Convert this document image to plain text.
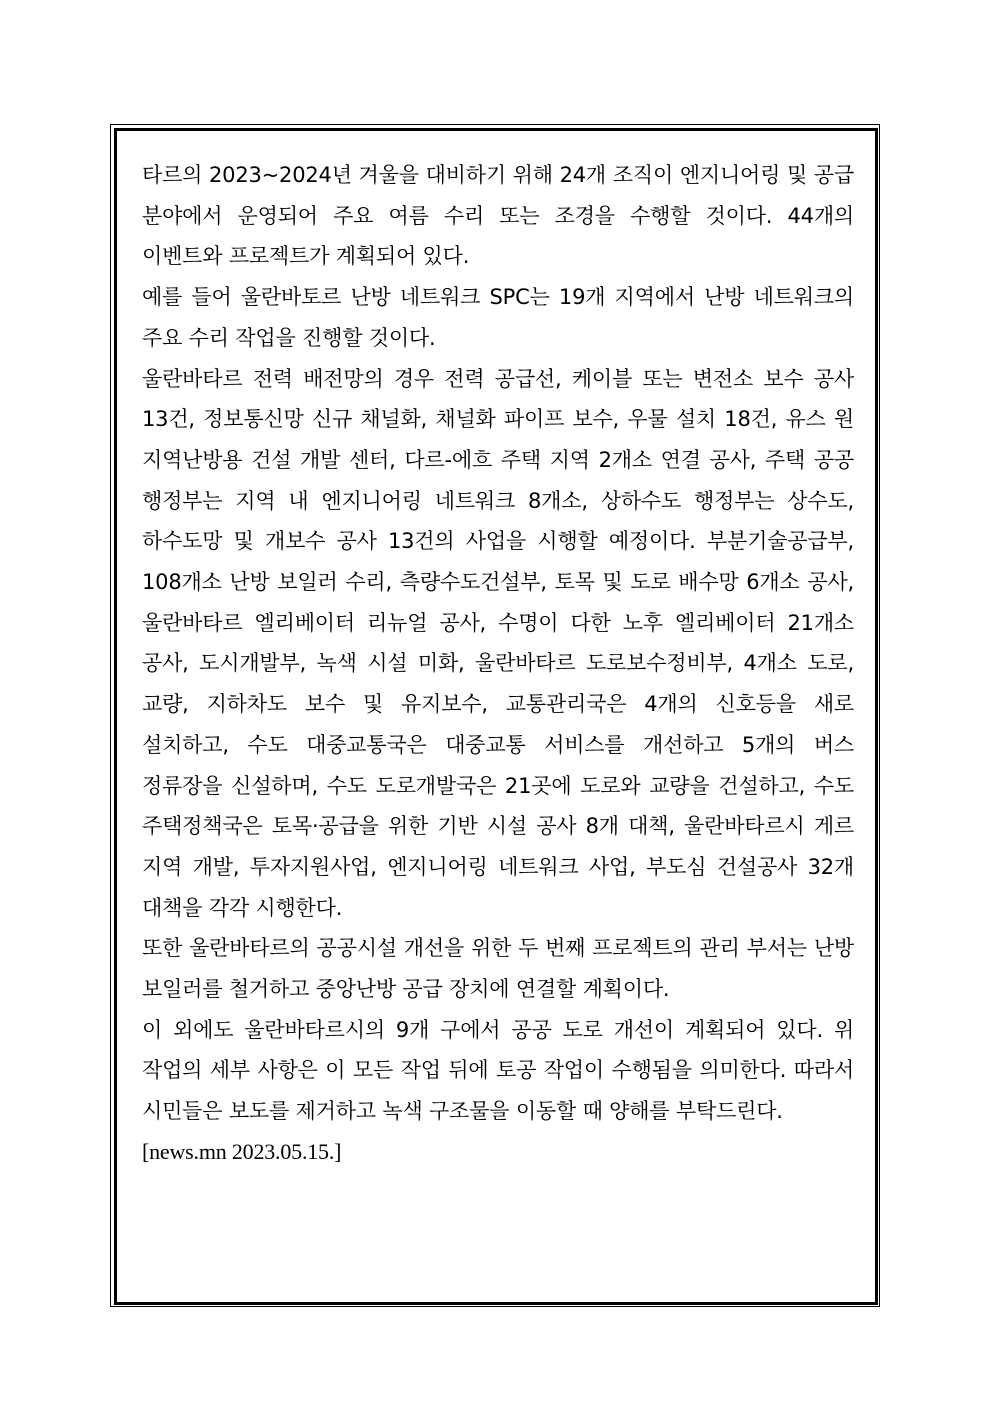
타르의 2023~2024년 겨울을 대비하기 위해 24개 조직이 엔지니어링 및 공급 분야에서 운영되어 주요 여름 수리 또는 조경을 수행할 것이다. 44개의 이벤트와 프로젝트가 계획되어 있다.

예를 들어 울란바토르 난방 네트워크 SPC는 19개 지역에서 난방 네트워크의 주요 수리 작업을 진행할 것이다.

울란바타르 전력 배전망의 경우 전력 공급선, 케이블 또는 변전소 보수 공사 13건, 정보통신망 신규 채널화, 채널화 파이프 보수, 우물 설치 18건, 유스 원 지역난방용 건설 개발 센터, 다르-에흐 주택 지역 2개소 연결 공사, 주택 공공 행정부는 지역 내 엔지니어링 네트워크 8개소, 상하수도 행정부는 상수도, 하수도망 및 개보수 공사 13건의 사업을 시행할 예정이다. 부분기술공급부, 108개소 난방 보일러 수리, 측량수도건설부, 토목 및 도로 배수망 6개소 공사, 울란바타르 엘리베이터 리뉴얼 공사, 수명이 다한 노후 엘리베이터 21개소 공사, 도시개발부, 녹색 시설 미화, 울란바타르 도로보수정비부, 4개소 도로, 교량, 지하차도 보수 및 유지보수, 교통관리국은 4개의 신호등을 새로 설치하고, 수도 대중교통국은 대중교통 서비스를 개선하고 5개의 버스 정류장을 신설하며, 수도 도로개발국은 21곳에 도로와 교량을 건설하고, 수도 주택정책국은 토목·공급을 위한 기반 시설 공사 8개 대책, 울란바타르시 게르 지역 개발, 투자지원사업, 엔지니어링 네트워크 사업, 부도심 건설공사 32개 대책을 각각 시행한다.

또한 울란바타르의 공공시설 개선을 위한 두 번째 프로젝트의 관리 부서는 난방 보일러를 철거하고 중앙난방 공급 장치에 연결할 계획이다.

이 외에도 울란바타르시의 9개 구에서 공공 도로 개선이 계획되어 있다. 위 작업의 세부 사항은 이 모든 작업 뒤에 토공 작업이 수행됨을 의미한다. 따라서 시민들은 보도를 제거하고 녹색 구조물을 이동할 때 양해를 부탁드린다.

[news.mn 2023.05.15.]
